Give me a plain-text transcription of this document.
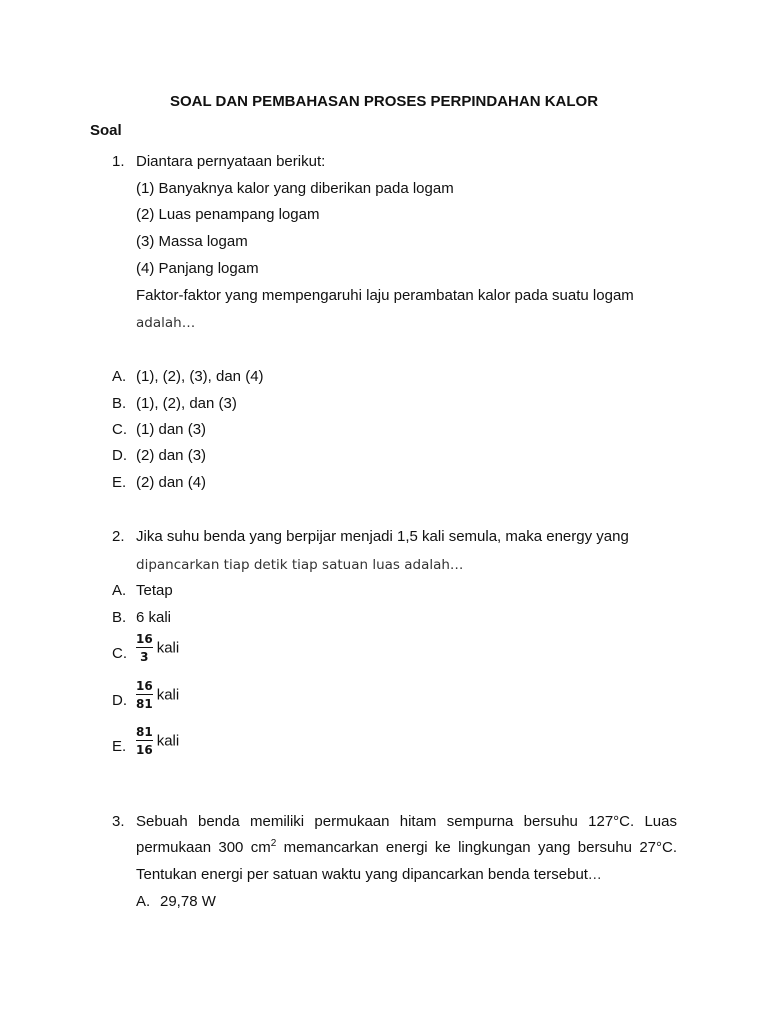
SOAL DAN PEMBAHASAN PROSES PERPINDAHAN KALOR
Soal
1. Diantara pernyataan berikut:
(1) Banyaknya kalor yang diberikan pada logam
(2) Luas penampang logam
(3) Massa logam
(4) Panjang logam
Faktor-faktor yang mempengaruhi laju perambatan kalor pada suatu logam
adalah…
A. (1), (2), (3), dan (4)
B. (1), (2), dan (3)
C. (1) dan (3)
D. (2) dan (3)
E. (2) dan (4)
2. Jika suhu benda yang berpijar menjadi 1,5 kali semula, maka energy yang
dipancarkan tiap detik tiap satuan luas adalah…
A. Tetap
B. 6 kali
C. $\frac{16}{3}$ kali
D. $\frac{16}{81}$ kali
E. $\frac{81}{16}$ kali
3. Sebuah benda memiliki permukaan hitam sempurna bersuhu 127°C. Luas
permukaan 300 $cm^2$ memancarkan energi ke lingkungan yang bersuhu 27°C.
Tentukan energi per satuan waktu yang dipancarkan benda tersebut…
A. 29,78 W
